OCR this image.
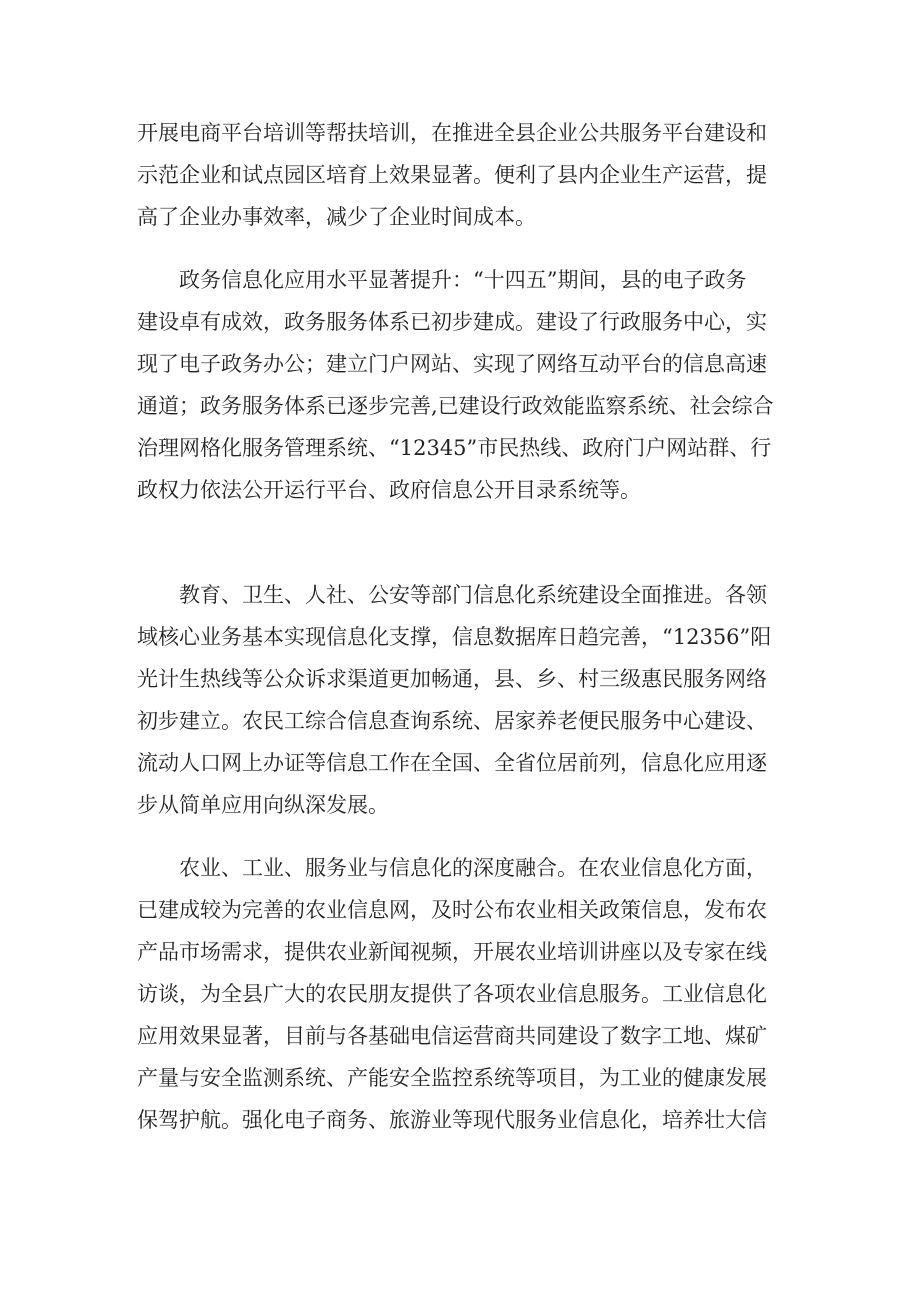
开展电商平台培训等帮扶培训，在推进全县企业公共服务平台建设和
示范企业和试点园区培育上效果显著。便利了县内企业生产运营，提
高了企业办事效率，减少了企业时间成本。
　　政务信息化应用水平显著提升：“十四五”期间，县的电子政务
建设卓有成效，政务服务体系已初步建成。建设了行政服务中心，实
现了电子政务办公；建立门户网站、实现了网络互动平台的信息高速
通道；政务服务体系已逐步完善,已建设行政效能监察系统、社会综合
治理网格化服务管理系统、“12345”市民热线、政府门户网站群、行
政权力依法公开运行平台、政府信息公开目录系统等。
　　教育、卫生、人社、公安等部门信息化系统建设全面推进。各领
域核心业务基本实现信息化支撑，信息数据库日趋完善，“12356”阳
光计生热线等公众诉求渠道更加畅通，县、乡、村三级惠民服务网络
初步建立。农民工综合信息查询系统、居家养老便民服务中心建设、
流动人口网上办证等信息工作在全国、全省位居前列，信息化应用逐
步从简单应用向纵深发展。
　　农业、工业、服务业与信息化的深度融合。在农业信息化方面，
已建成较为完善的农业信息网，及时公布农业相关政策信息，发布农
产品市场需求，提供农业新闻视频，开展农业培训讲座以及专家在线
访谈，为全县广大的农民朋友提供了各项农业信息服务。工业信息化
应用效果显著，目前与各基础电信运营商共同建设了数字工地、煤矿
产量与安全监测系统、产能安全监控系统等项目，为工业的健康发展
保驾护航。强化电子商务、旅游业等现代服务业信息化，培养壮大信
